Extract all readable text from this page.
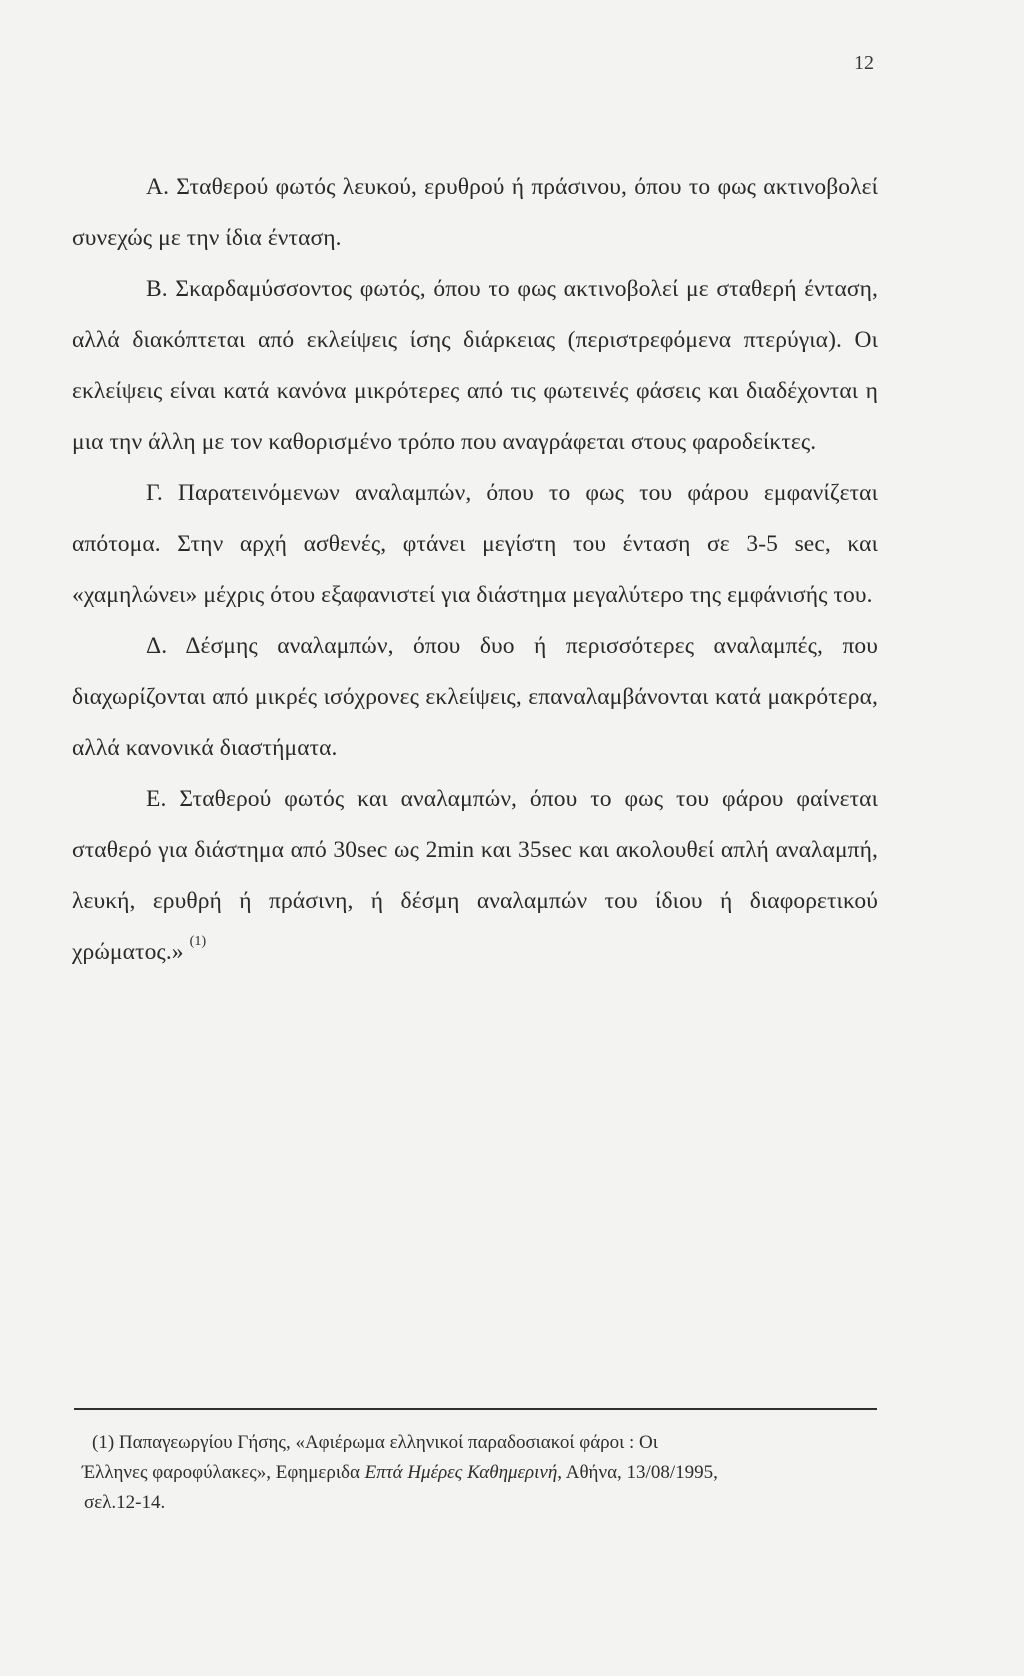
12

Α. Σταθερού φωτός λευκού, ερυθρού ή πράσινου, όπου το φως ακτινοβολεί συνεχώς με την ίδια ένταση.

Β. Σκαρδαμύσσοντος φωτός, όπου το φως ακτινοβολεί με σταθερή ένταση, αλλά διακόπτεται από εκλείψεις ίσης διάρκειας (περιστρεφόμενα πτερύγια). Οι εκλείψεις είναι κατά κανόνα μικρότερες από τις φωτεινές φάσεις και διαδέχονται η μια την άλλη με τον καθορισμένο τρόπο που αναγράφεται στους φαροδείκτες.

Γ. Παρατεινόμενων αναλαμπών, όπου το φως του φάρου εμφανίζεται απότομα. Στην αρχή ασθενές, φτάνει μεγίστη του ένταση σε 3-5 sec, και «χαμηλώνει» μέχρις ότου εξαφανιστεί για διάστημα μεγαλύτερο της εμφάνισής του.

Δ. Δέσμης αναλαμπών, όπου δυο ή περισσότερες αναλαμπές, που διαχωρίζονται από μικρές ισόχρονες εκλείψεις, επαναλαμβάνονται κατά μακρότερα, αλλά κανονικά διαστήματα.

Ε. Σταθερού φωτός και αναλαμπών, όπου το φως του φάρου φαίνεται σταθερό για διάστημα από 30sec ως 2min και 35sec και ακολουθεί απλή αναλαμπή, λευκή, ερυθρή ή πράσινη, ή δέσμη αναλαμπών του ίδιου ή διαφορετικού χρώματος.» $^{(1)}$

(1) Παπαγεωργίου Γήσης, «Αφιέρωμα ελληνικοί παραδοσιακοί φάροι : Οι

Έλληνες φαροφύλακες», Εφημεριδα Επτά Ημέρες Καθημερινή, Αθήνα, 13/08/1995,

σελ.12-14.
